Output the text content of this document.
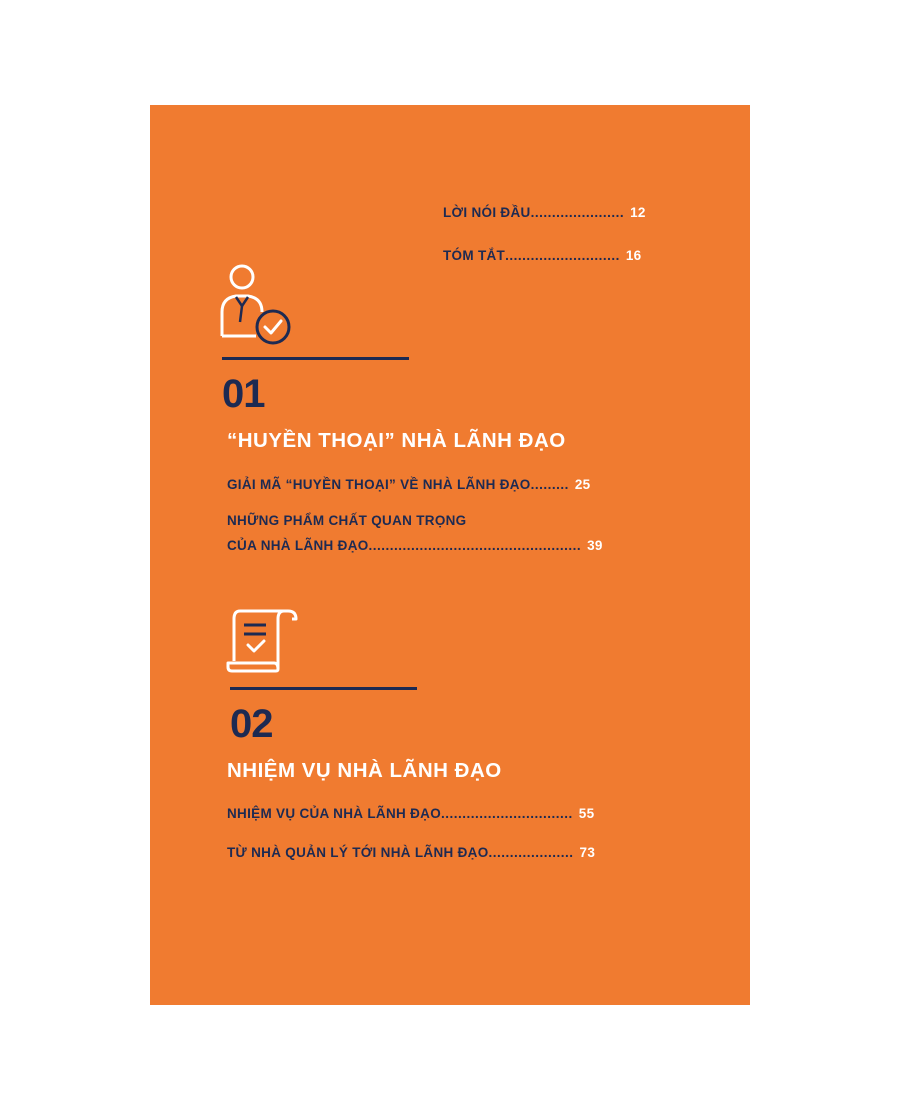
LỜI NÓI ĐẦU ...................... 12
TÓM TẮT ........................... 16
01
“HUYỀN THOẠI” NHÀ LÃNH ĐẠO
GIẢI MÃ “HUYỀN THOẠI” VỀ NHÀ LÃNH ĐẠO ......... 25
NHỮNG PHẨM CHẤT QUAN TRỌNG
CỦA NHÀ LÃNH ĐẠO .................................................. 39
02
NHIỆM VỤ NHÀ LÃNH ĐẠO
NHIỆM VỤ CỦA NHÀ LÃNH ĐẠO ............................... 55
TỪ NHÀ QUẢN LÝ TỚI NHÀ LÃNH ĐẠO .................... 73
